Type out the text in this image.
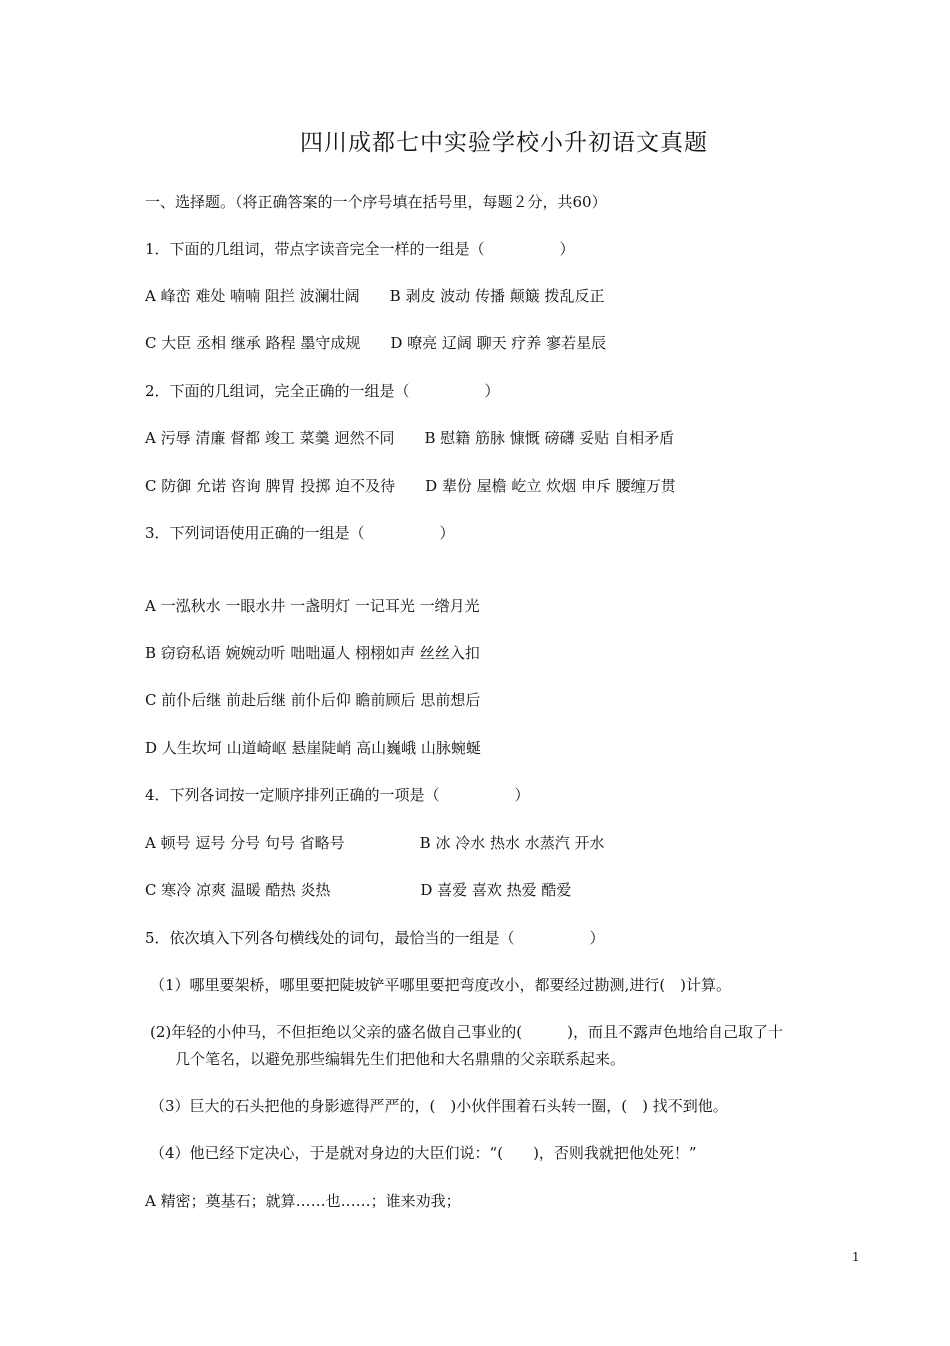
四川成都七中实验学校小升初语文真题
一、选择题。（将正确答案的一个序号填在括号里，每题２分，共60）
1．下面的几组词，带点字读音完全一样的一组是（　　　　　）
A 峰峦 难处 喃喃 阻拦 波澜壮阔　　B 剥皮 波动 传播 颠簸 拨乱反正
C 大臣 丞相 继承 路程 墨守成规　　D 嘹亮 辽阔 聊天 疗养 寥若星辰
2．下面的几组词，完全正确的一组是（　　　　　）
A 污辱 清廉 督都 竣工 菜羹 迥然不同　　B 慰籍 筋脉 慷慨 磅礴 妥贴 自相矛盾
C 防御 允诺 咨询 脾胃 投掷 迫不及待　　D 辈份 屋檐 屹立 炊烟 申斥 腰缠万贯
3．下列词语使用正确的一组是（　　　　　）
A 一泓秋水 一眼水井 一盏明灯 一记耳光 一绺月光
B 窃窃私语 婉婉动听 咄咄逼人 栩栩如声 丝丝入扣
C 前仆后继 前赴后继 前仆后仰 瞻前顾后 思前想后
D 人生坎坷 山道崎岖 悬崖陡峭 高山巍峨 山脉蜿蜒
4．下列各词按一定顺序排列正确的一项是（　　　　　）
A 顿号 逗号 分号 句号 省略号　　　　　B 冰 冷水 热水 水蒸汽 开水
C 寒冷 凉爽 温暖 酷热 炎热　　　　　　D 喜爱 喜欢 热爱 酷爱
5．依次填入下列各句横线处的词句，最恰当的一组是（　　　　　）
（1）哪里要架桥，哪里要把陡坡铲平哪里要把弯度改小，都要经过勘测,进行(　)计算。
(2)年轻的小仲马，不但拒绝以父亲的盛名做自己事业的(　　　)，而且不露声色地给自己取了十
几个笔名，以避免那些编辑先生们把他和大名鼎鼎的父亲联系起来。
（3）巨大的石头把他的身影遮得严严的，(　)小伙伴围着石头转一圈，(　) 找不到他。
（4）他已经下定决心，于是就对身边的大臣们说：“(　　)，否则我就把他处死！”
A 精密；奠基石；就算……也……；谁来劝我；
1
